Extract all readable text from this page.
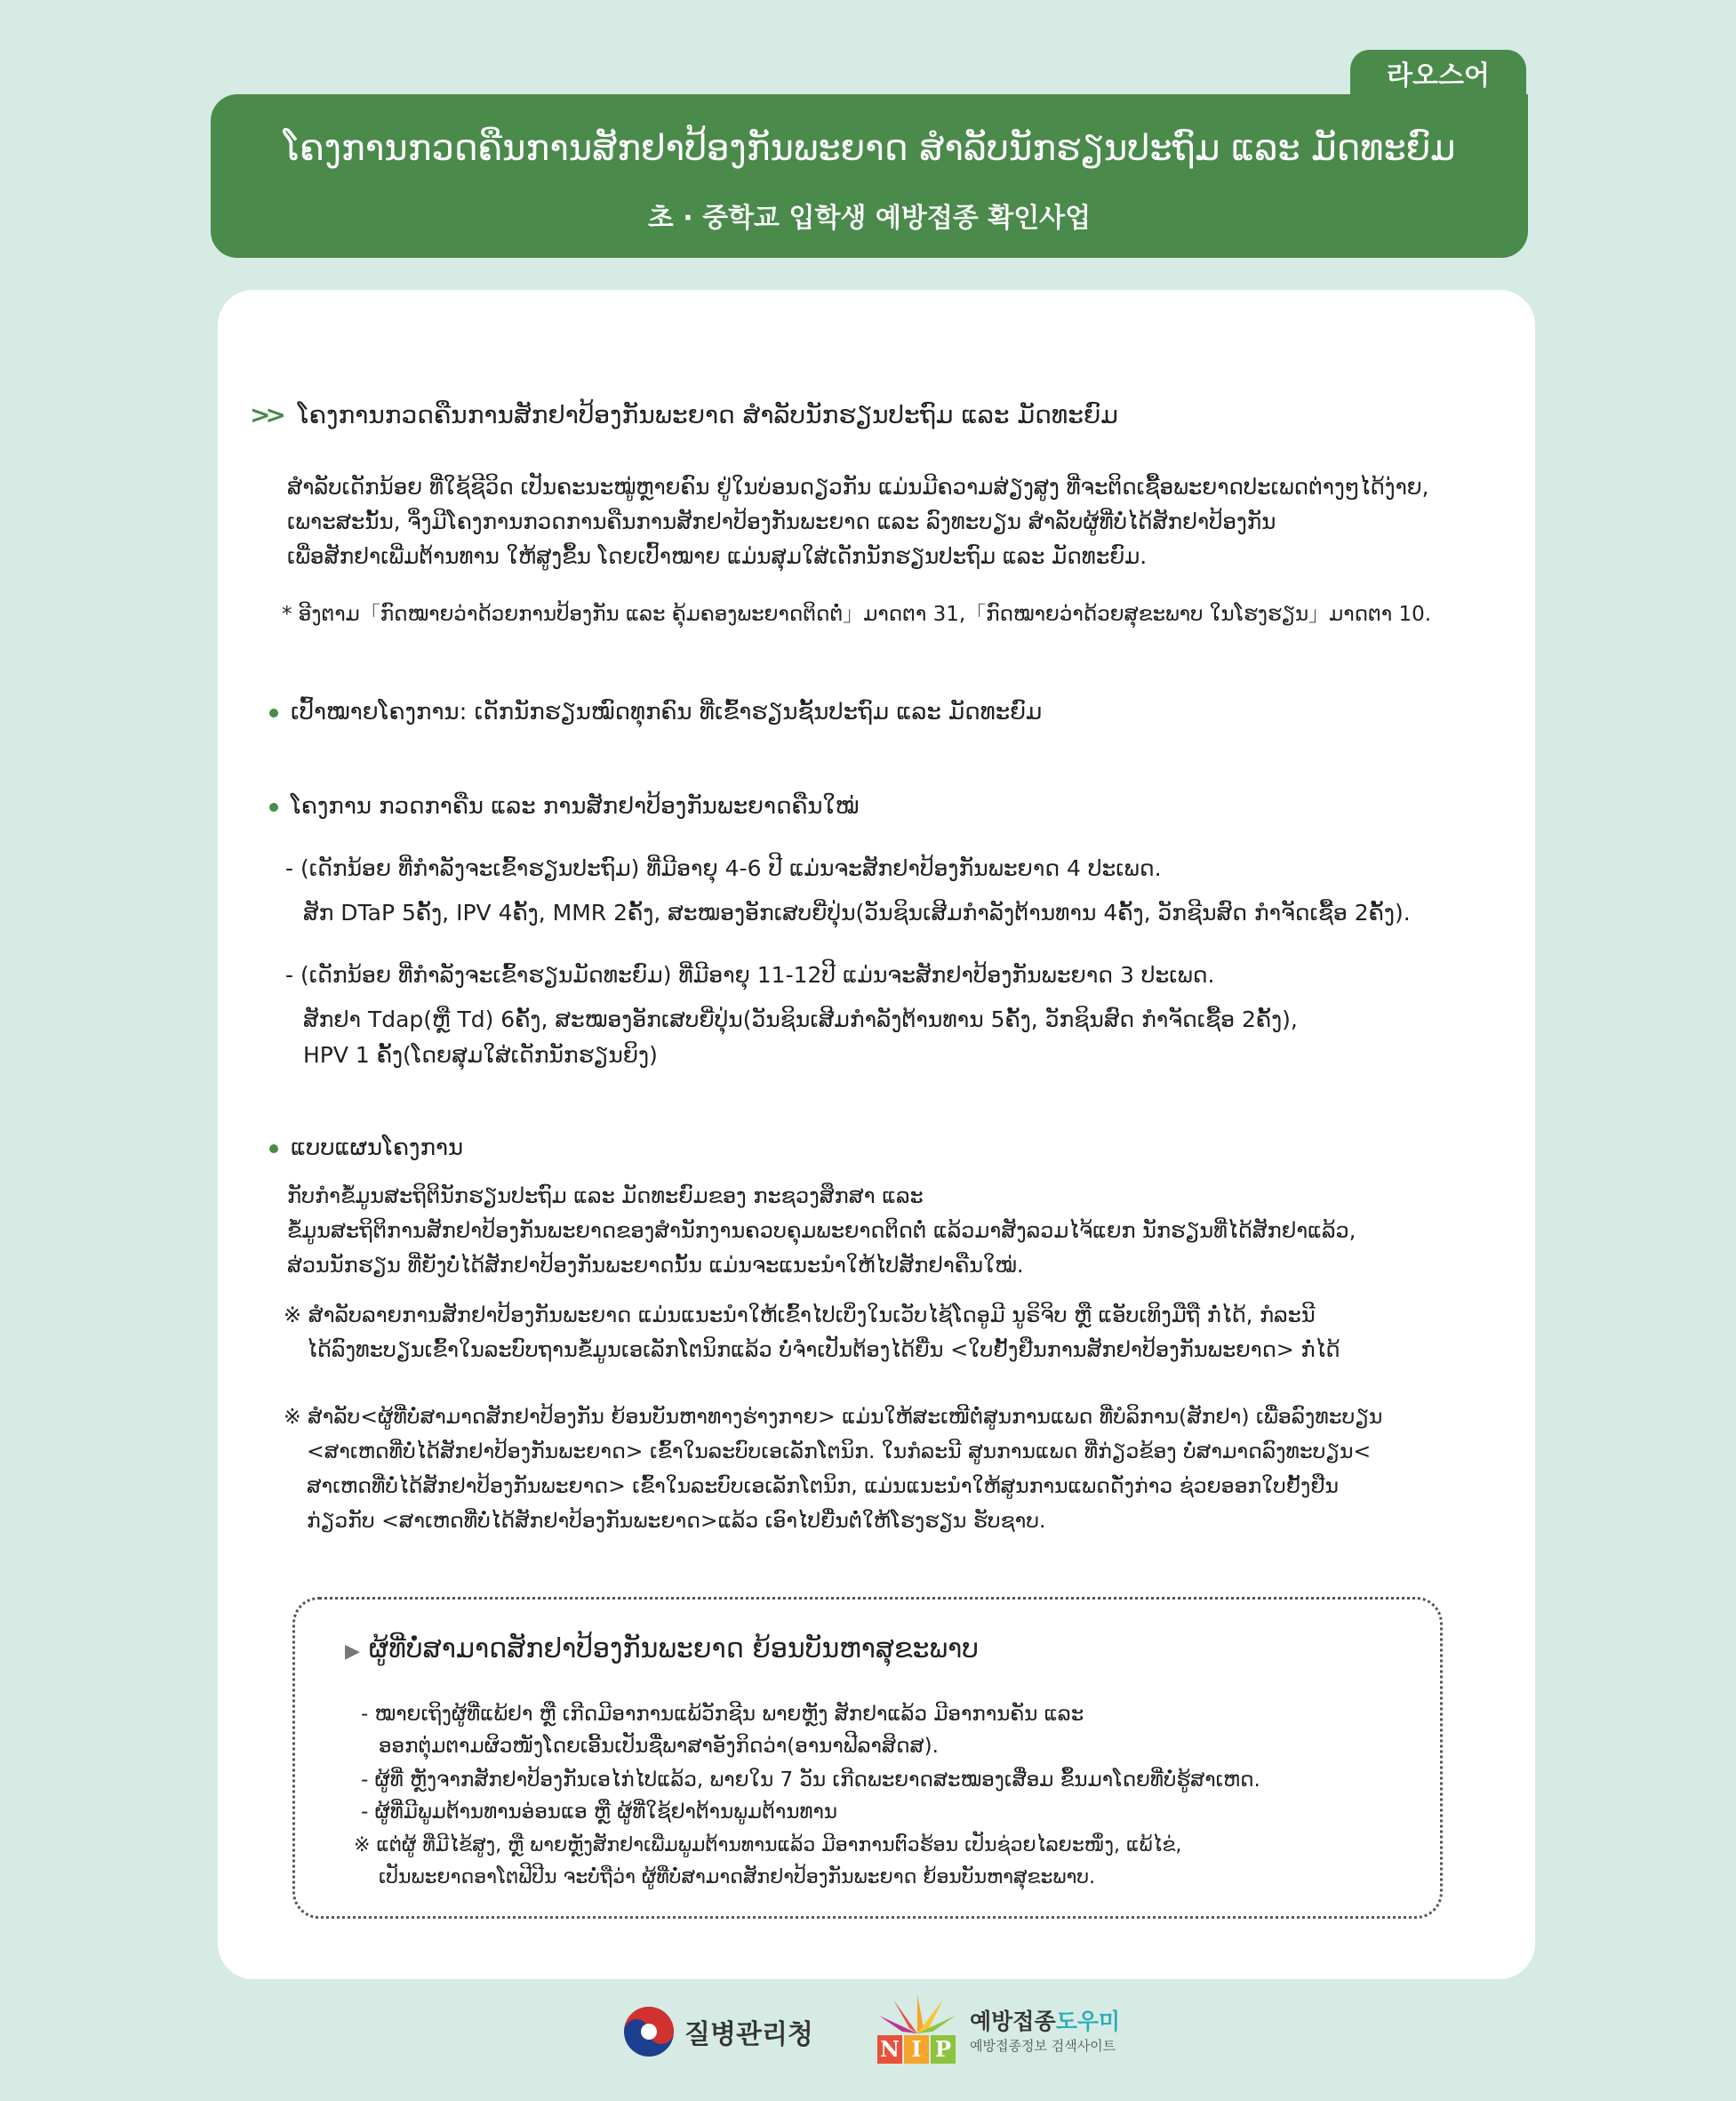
라오스어
ໂຄງການກວດຄືນການສັກຢາປ້ອງກັນພະຍາດ ສຳລັບນັກຮຽນປະຖົມ ແລະ ມັດທະຍົມ
초 · 중학교 입학생 예방접종 확인사업
>> ໂຄງການກວດຄືນການສັກຢາປ້ອງກັນພະຍາດ ສຳລັບນັກຮຽນປະຖົມ ແລະ ມັດທະຍົມ
ສຳລັບເດັກນ້ອຍ ທີ່ໃຊ້ຊີວິດ ເປັນຄະນະໝູ່ຫຼາຍຄົນ ຢູ່ໃນບ່ອນດຽວກັນ ແມ່ນມີຄວາມສ່ຽງສູງ ທີ່ຈະຕິດເຊື້ອພະຍາດປະເພດຕ່າງໆໄດ້ງ່າຍ,
ເພາະສະນັ້ນ, ຈຶ່ງມີໂຄງການກວດການຄືນການສັກຢາປ້ອງກັນພະຍາດ ແລະ ລົງທະບຽນ ສຳລັບຜູ້ທີ່ບໍ່ໄດ້ສັກຢາປ້ອງກັນ
ເພື່ອສັກຢາເພີ່ມຕ້ານທານ ໃຫ້ສູງຂຶ້ນ ໂດຍເປົ້າໝາຍ ແມ່ນສຸມໃສ່ເດັກນັກຮຽນປະຖົມ ແລະ ມັດທະຍົມ.
* ອີງຕາມ「ກົດໝາຍວ່າດ້ວຍການປ້ອງກັນ ແລະ ຄຸ້ມຄອງພະຍາດຕິດຕໍ່」ມາດຕາ 31,「ກົດໝາຍວ່າດ້ວຍສຸຂະພາບ ໃນໂຮງຮຽນ」ມາດຕາ 10.
ເປົ້າໝາຍໂຄງການ: ເດັກນັກຮຽນໝົດທຸກຄົນ ທີ່ເຂົ້າຮຽນຊັ້ນປະຖົມ ແລະ ມັດທະຍົມ
ໂຄງການ ກວດກາຄືນ ແລະ ການສັກຢາປ້ອງກັນພະຍາດຄືນໃໝ່
- (ເດັກນ້ອຍ ທີ່ກຳລັງຈະເຂົ້າຮຽນປະຖົມ) ທີ່ມີອາຍຸ 4-6 ປີ ແມ່ນຈະສັກຢາປ້ອງກັນພະຍາດ 4 ປະເພດ.
ສັກ DTaP 5ຄັ້ງ, IPV 4ຄັ້ງ, MMR 2ຄັ້ງ, ສະໝອງອັກເສບຍີ່ປຸ່ນ(ວັນຊິນເສີມກຳລັງຕ້ານທານ 4ຄັ້ງ, ວັກຊີນສົດ ກຳຈັດເຊື້ອ 2ຄັ້ງ).
- (ເດັກນ້ອຍ ທີ່ກຳລັງຈະເຂົ້າຮຽນມັດທະຍົມ) ທີ່ມີອາຍຸ 11-12ປີ ແມ່ນຈະສັກຢາປ້ອງກັນພະຍາດ 3 ປະເພດ.
ສັກຢາ Tdap(ຫຼື Td) 6ຄັ້ງ, ສະໝອງອັກເສບຍີ່ປຸ່ນ(ວັນຊິນເສີມກຳລັງຕ້ານທານ 5ຄັ້ງ, ວັກຊິນສົດ ກຳຈັດເຊື້ອ 2ຄັ້ງ),
HPV 1 ຄັ້ງ(ໂດຍສຸມໃສ່ເດັກນັກຮຽນຍິງ)
ແບບແຜນໂຄງການ
ກັບກຳຂໍ້ມູນສະຖິຕິນັກຮຽນປະຖົມ ແລະ ມັດທະຍົມຂອງ ກະຊວງສຶກສາ ແລະ
ຂໍ້ມູນສະຖິຕິການສັກຢາປ້ອງກັນພະຍາດຂອງສຳນັກງານຄວບຄຸມພະຍາດຕິດຕໍ່ ແລ້ວມາສັງລວມໄຈ້ແຍກ ນັກຮຽນທີ່ໄດ້ສັກຢາແລ້ວ,
ສ່ວນນັກຮຽນ ທີ່ຍັງບໍ່ໄດ້ສັກຢາປ້ອງກັນພະຍາດນັ້ນ ແມ່ນຈະແນະນຳໃຫ້ໄປສັກຢາຄືນໃໝ່.
※ ສຳລັບລາຍການສັກຢາປ້ອງກັນພະຍາດ ແມ່ນແນະນຳໃຫ້ເຂົ້າໄປເບິ່ງໃນເວັບໄຊ້ໂດອູມີ ນູຣິຈິບ ຫຼື ແອັບເທິງມືຖື ກໍ່ໄດ້, ກໍລະນີ
ໄດ້ລົງທະບຽນເຂົ້າໃນລະບົບຖານຂໍ້ມູນເອເລັກໂຕນິກແລ້ວ ບໍ່ຈຳເປັນຕ້ອງໄດ້ຍື່ນ <ໃບຢັ້ງຢືນການສັກຢາປ້ອງກັນພະຍາດ> ກໍ່ໄດ້
※ ສຳລັບ<ຜູ້ທີ່ບໍ່ສາມາດສັກຢາປ້ອງກັນ ຍ້ອນບັນຫາທາງຮ່າງກາຍ> ແມ່ນໃຫ້ສະເໜີຕໍ່ສູນການແພດ ທີ່ບໍລິການ(ສັກຢາ) ເພື່ອລົງທະບຽນ
<ສາເຫດທີ່ບໍ່ໄດ້ສັກຢາປ້ອງກັນພະຍາດ> ເຂົ້າໃນລະບົບເອເລັກໂຕນິກ. ໃນກໍລະນີ ສູນການແພດ ທີ່ກ່ຽວຂ້ອງ ບໍ່ສາມາດລົງທະບຽນ<
ສາເຫດທີ່ບໍ່ໄດ້ສັກຢາປ້ອງກັນພະຍາດ> ເຂົ້າໃນລະບົບເອເລັກໂຕນິກ, ແມ່ນແນະນຳໃຫ້ສູນການແພດດັ່ງກ່າວ ຊ່ວຍອອກໃບຢັ້ງຢືນ
ກ່ຽວກັບ <ສາເຫດທີ່ບໍ່ໄດ້ສັກຢາປ້ອງກັນພະຍາດ>ແລ້ວ ເອົາໄປຍື່ນຕໍ່ໃຫ້ໂຮງຮຽນ ຮັບຊາບ.
▶ ຜູ້ທີ່ບໍ່ສາມາດສັກຢາປ້ອງກັນພະຍາດ ຍ້ອນບັນຫາສຸຂະພາບ
- ໝາຍເຖິງຜູ້ທີ່ແພ້ຢາ ຫຼື ເກີດມີອາການແພ້ວັກຊີນ ພາຍຫຼັງ ສັກຢາແລ້ວ ມີອາການຄັນ ແລະ
ອອກຕຸ່ມຕາມຜິວໜັງໂດຍເອີ້ນເປັນຊື່ພາສາອັງກິດວ່າ(ອານາຟີລາສິດສ).
- ຜູ້ທີ່ ຫຼັງຈາກສັກຢາປ້ອງກັນເອໄກ່ໄປແລ້ວ, ພາຍໃນ 7 ວັນ ເກີດພະຍາດສະໝອງເສື່ອມ ຂຶ້ນມາໂດຍທີ່ບໍ່ຮູ້ສາເຫດ.
- ຜູ້ທີ່ມີພູມຕ້ານທານອ່ອນແອ ຫຼື ຜູ້ທີ່ໃຊ້ຢາຕ້ານພູມຕ້ານທານ
※ ແຕ່ຜູ້ ທີ່ມີໄຂ້ສູງ, ຫຼື ພາຍຫຼັງສັກຢາເພີ່ມພູມຕ້ານທານແລ້ວ ມີອາການຕົວຮ້ອນ ເປັນຊ່ວຍໄລຍະໜຶ່ງ, ແພ້ໄຂ່,
ເປັນພະຍາດອາໂຕຟີປີນ ຈະບໍ່ຖືວ່າ ຜູ້ທີ່ບໍ່ສາມາດສັກຢາປ້ອງກັນພະຍາດ ຍ້ອນບັນຫາສຸຂະພາບ.
질병관리청	N I P
예방접종도우미
예방접종정보 검색사이트
